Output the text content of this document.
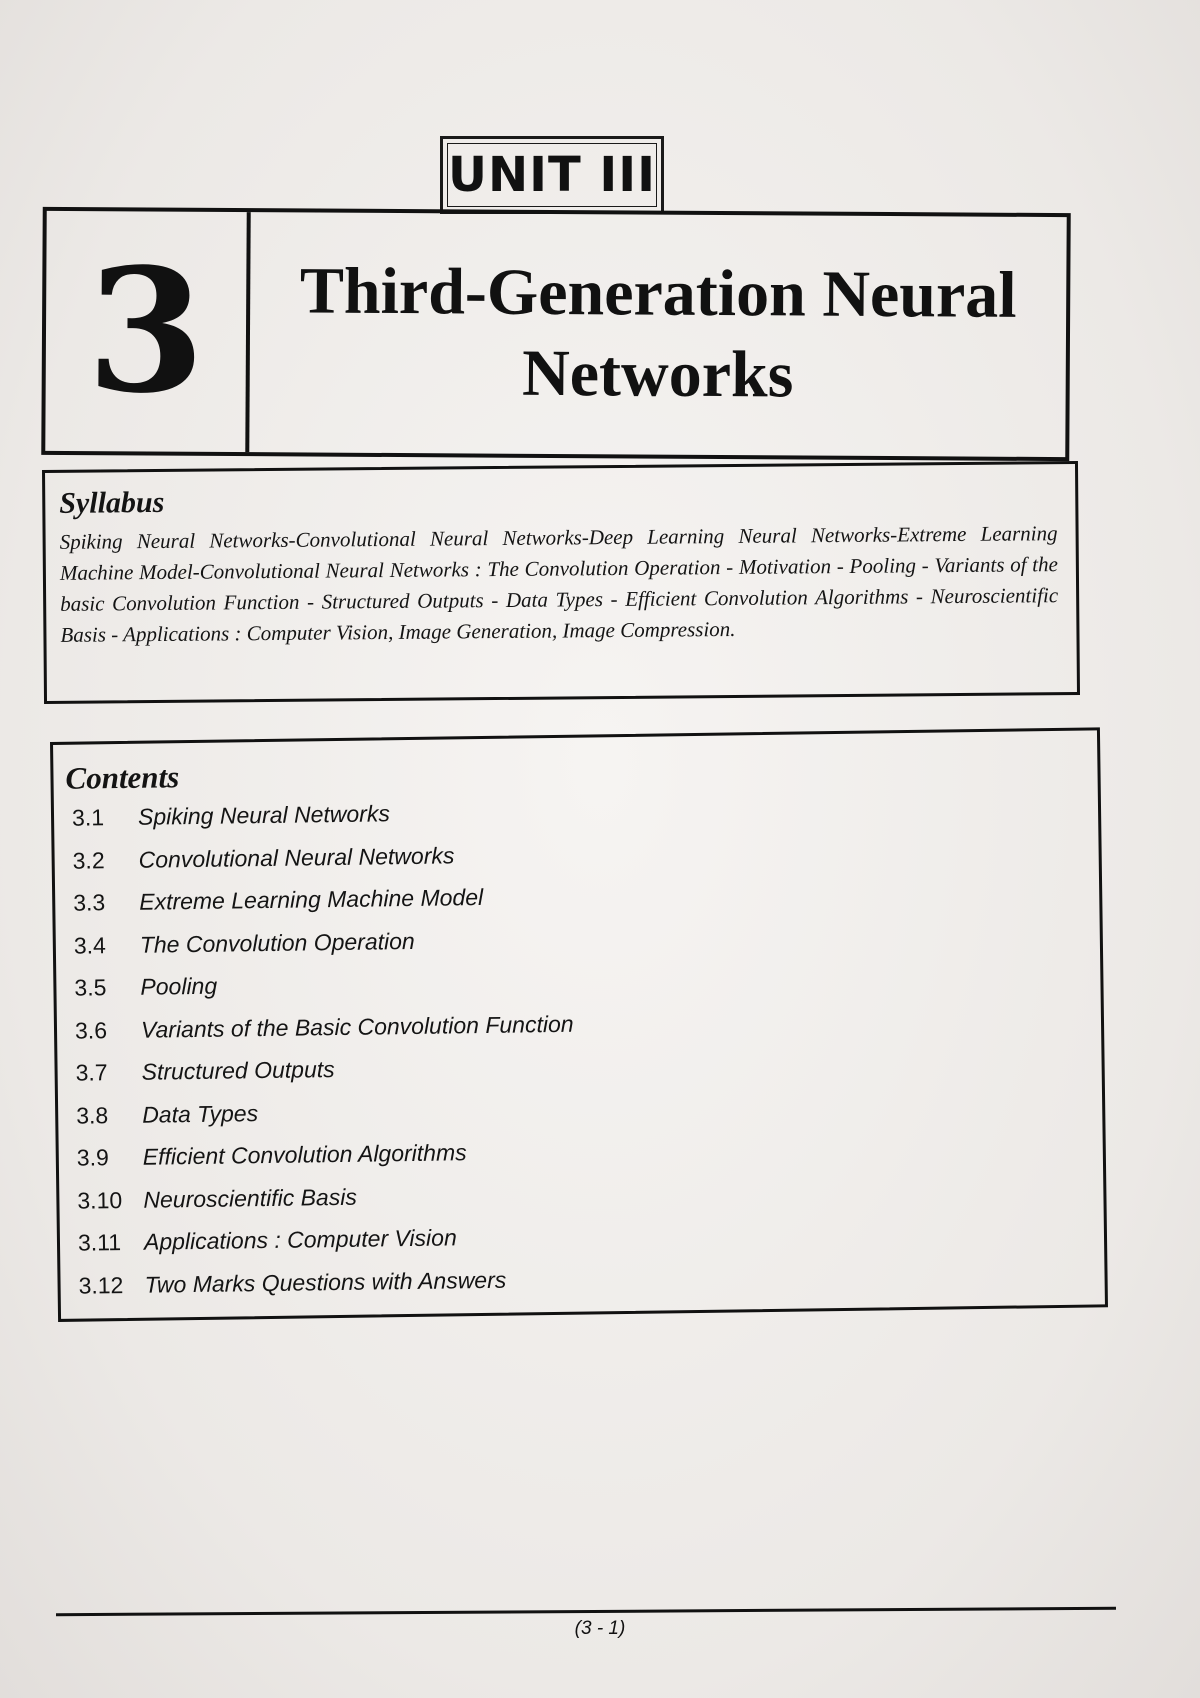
UNIT III
3	Third-Generation Neural Networks
Syllabus

Spiking Neural Networks-Convolutional Neural Networks-Deep Learning Neural Networks-Extreme Learning Machine Model-Convolutional Neural Networks : The Convolution Operation - Motivation - Pooling - Variants of the basic Convolution Function - Structured Outputs - Data Types - Efficient Convolution Algorithms - Neuroscientific Basis - Applications : Computer Vision, Image Generation, Image Compression.

Contents
3.1	Spiking Neural Networks
3.2	Convolutional Neural Networks
3.3	Extreme Learning Machine Model
3.4	The Convolution Operation
3.5	Pooling
3.6	Variants of the Basic Convolution Function
3.7	Structured Outputs
3.8	Data Types
3.9	Efficient Convolution Algorithms
3.10 Neuroscientific Basis
3.11 Applications : Computer Vision
3.12 Two Marks Questions with Answers
(3 - 1)
